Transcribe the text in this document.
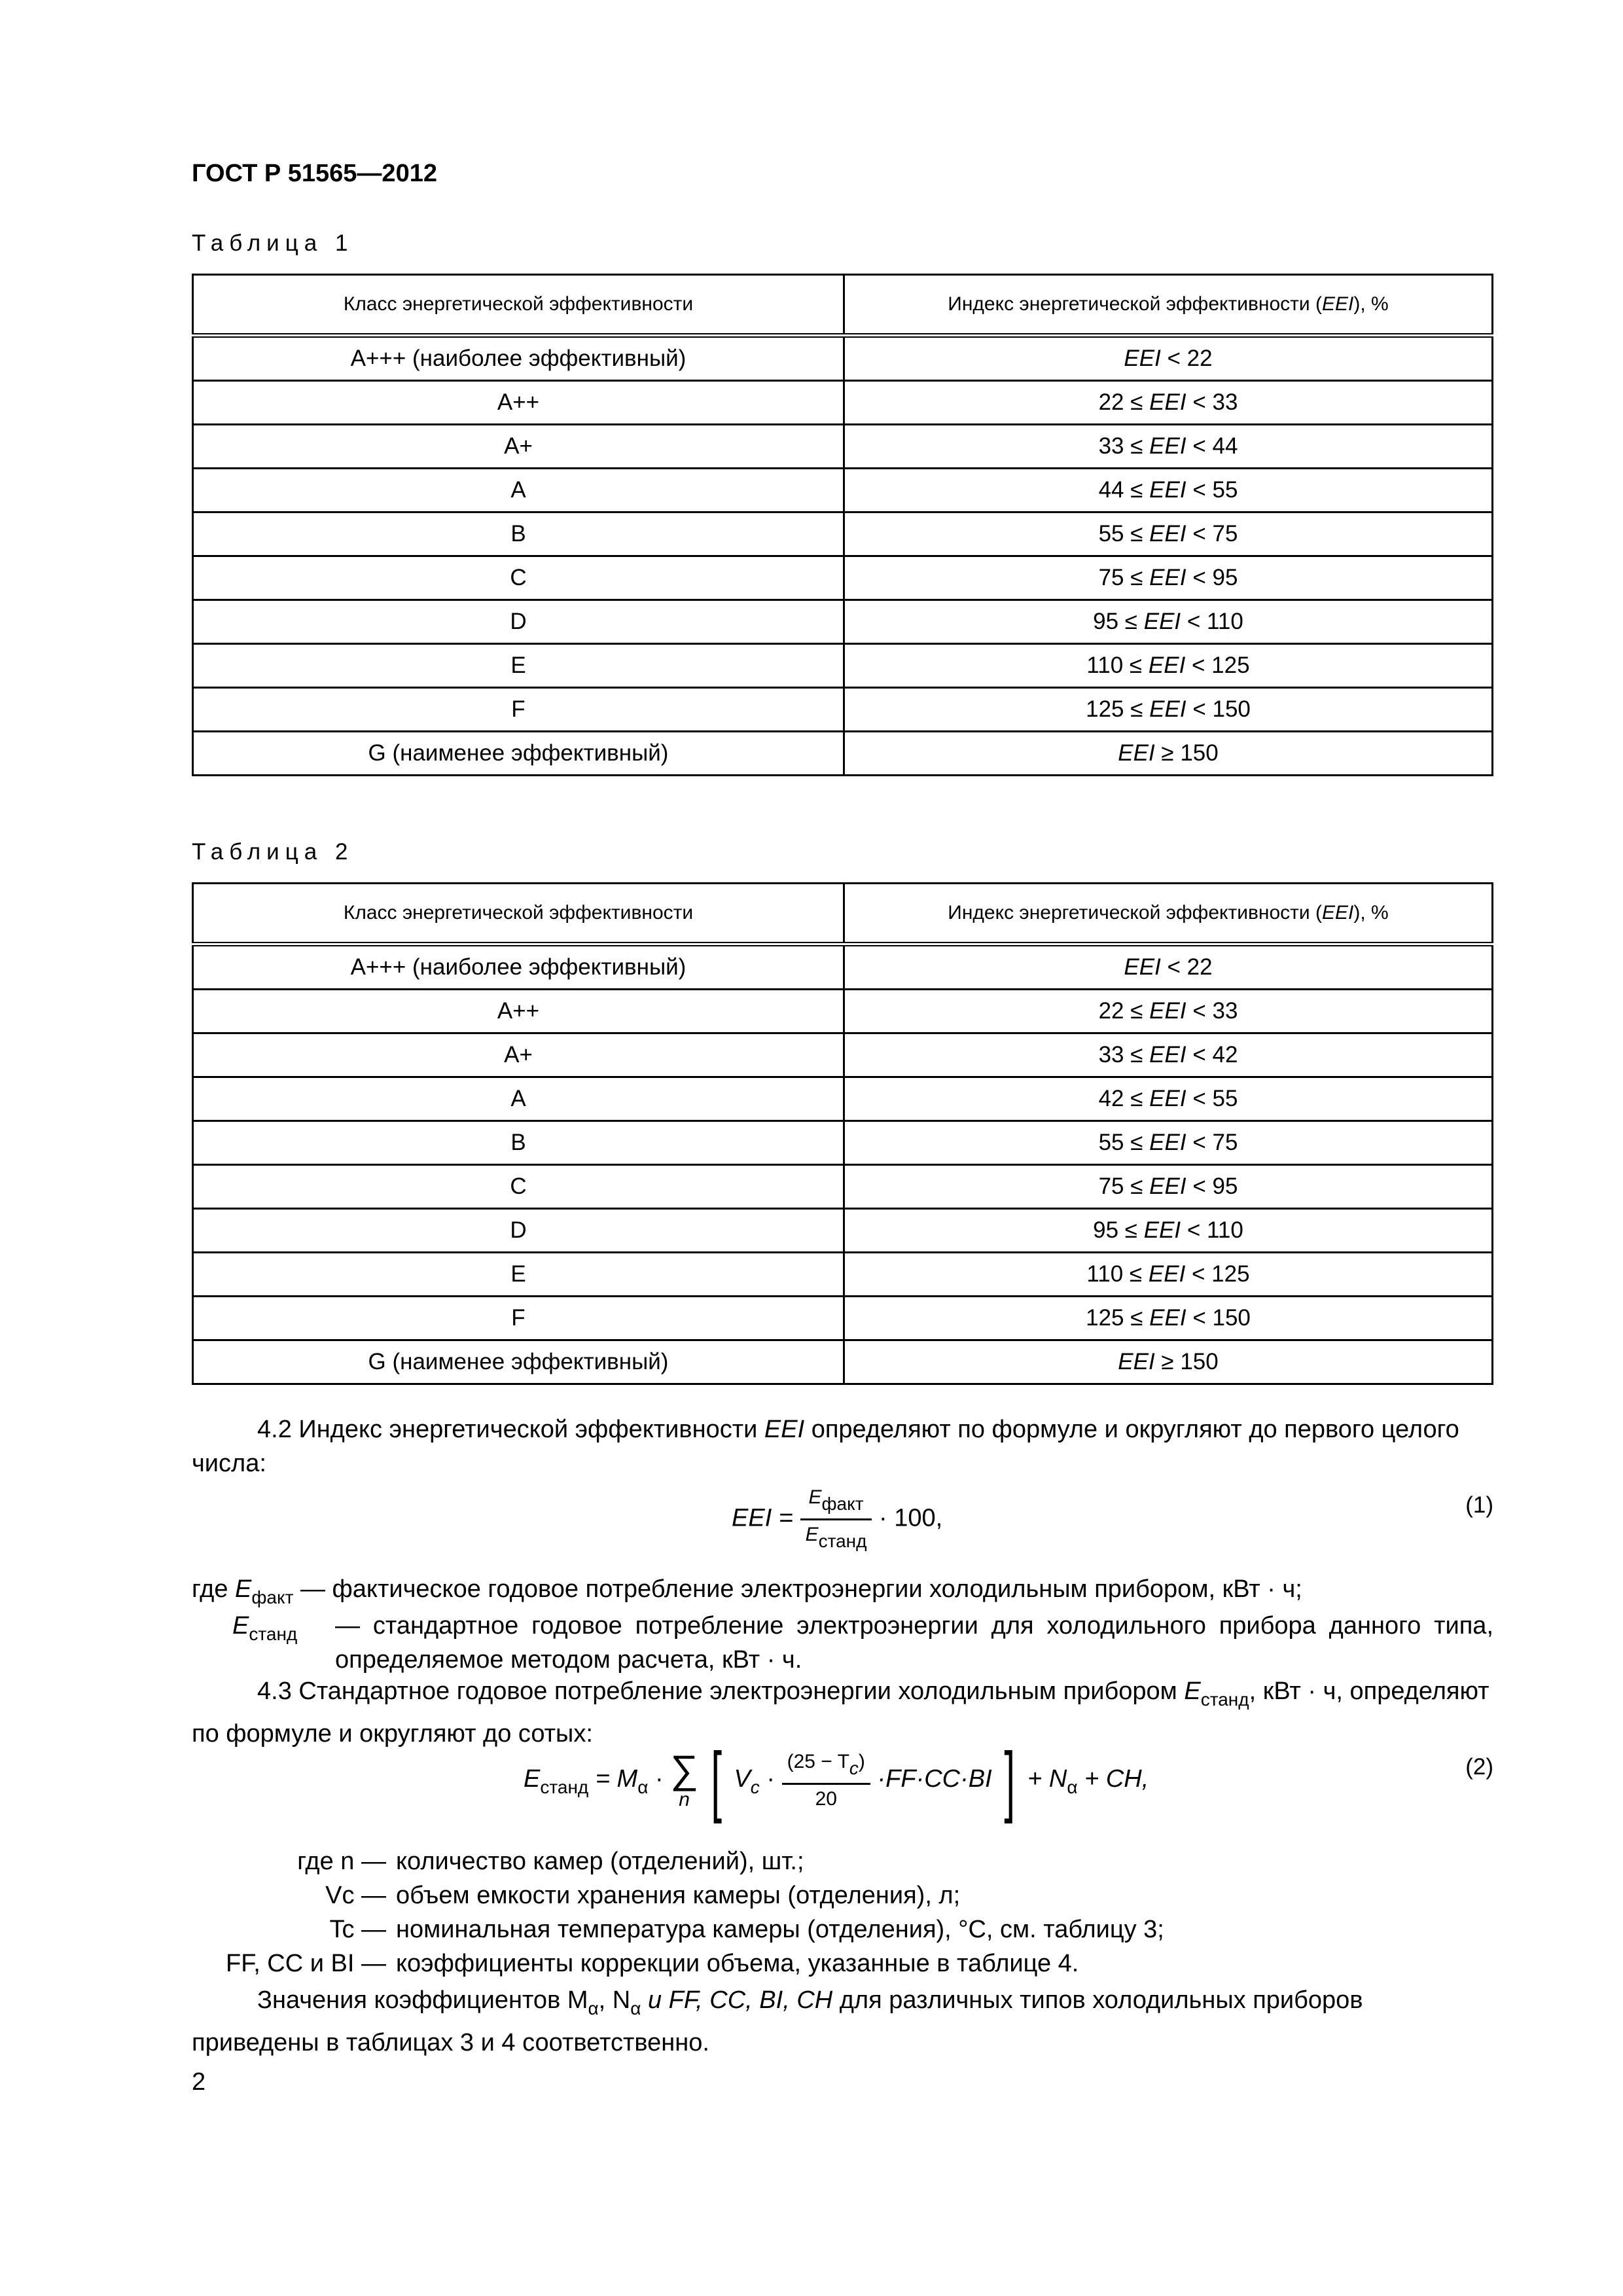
ГОСТ Р 51565—2012
Таблица 1
Класс энергетической эффективности	Индекс энергетической эффективности (EEI), %
А+++ (наиболее эффективный)	EEI < 22
А++	22 ≤ EEI < 33
А+	33 ≤ EEI < 44
А	44 ≤ EEI < 55
B	55 ≤ EEI < 75
C	75 ≤ EEI < 95
D	95 ≤ EEI < 110
E	110 ≤ EEI < 125
F	125 ≤ EEI < 150
G (наименее эффективный)	EEI ≥ 150
Таблица 2
Класс энергетической эффективности	Индекс энергетической эффективности (EEI), %
А+++ (наиболее эффективный)	EEI < 22
А++	22 ≤ EEI < 33
А+	33 ≤ EEI < 42
А	42 ≤ EEI < 55
B	55 ≤ EEI < 75
C	75 ≤ EEI < 95
D	95 ≤ EEI < 110
E	110 ≤ EEI < 125
F	125 ≤ EEI < 150
G (наименее эффективный)	EEI ≥ 150
4.2 Индекс энергетической эффективности EEI определяют по формуле и округляют до первого целого числа:
EEI = $\frac{E_{факт}}{E_{станд}} \cdot 100$,	(1)
где $E_{факт}$ — фактическое годовое потребление электроэнергии холодильным прибором, кВт · ч;
$E_{станд}$ — стандартное годовое потребление электроэнергии для холодильного прибора данного типа, определяемое методом расчета, кВт · ч.
4.3 Стандартное годовое потребление электроэнергии холодильным прибором $E_{станд}$, кВт · ч, определяют по формуле и округляют до сотых:
$E_{станд} = M_\alpha$ · ∑
n [ $V_c \cdot \frac{(25 - T_c)}{20} \cdot FF\cdot CC\cdot BI$ ] + $N_\alpha$ + CH,	(2)
где n — количество камер (отделений), шт.;
Vc — объем емкости хранения камеры (отделения), л;
Tc — номинальная температура камеры (отделения), °C, см. таблицу 3;
FF, CC и BI — коэффициенты коррекции объема, указанные в таблице 4.
Значения коэффициентов $M_\alpha$, $N_\alpha$ и FF, CC, BI, CH для различных типов холодильных приборов приведены в таблицах 3 и 4 соответственно.
2
